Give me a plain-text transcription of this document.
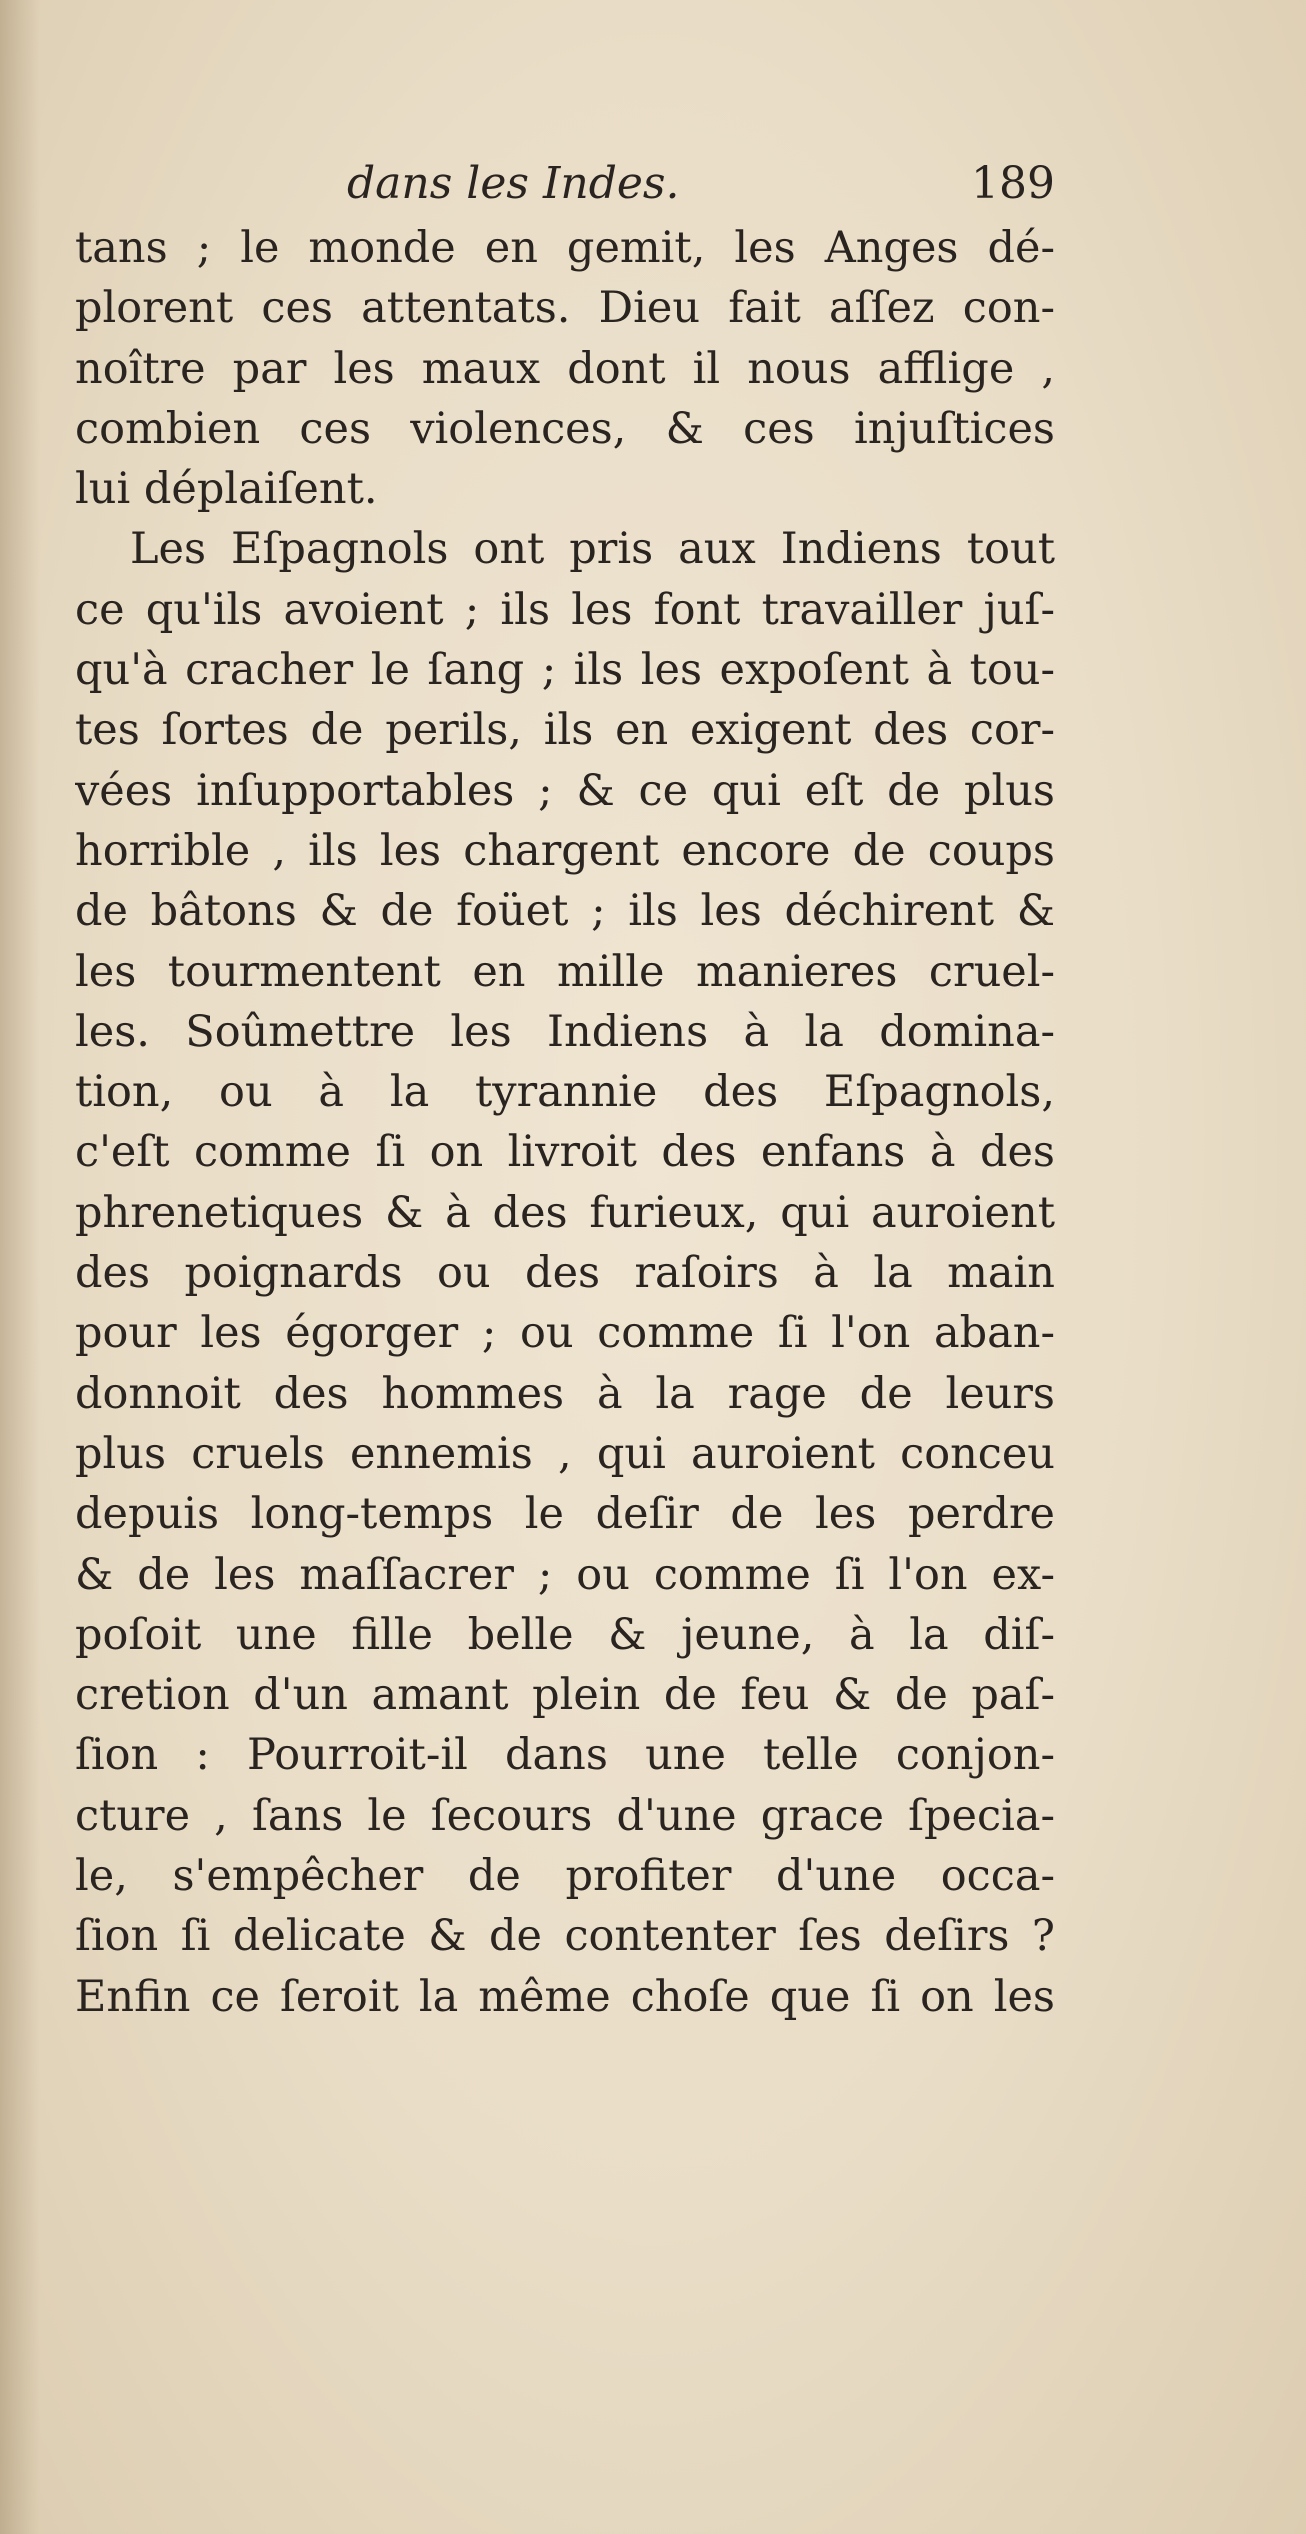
dans les Indes.	189
tans ; le monde en gemit, les Anges dé-
plorent ces attentats. Dieu fait aſſez con-
noître par les maux dont il nous afflige ,
combien ces violences, & ces injuſtices
lui déplaiſent.
Les Eſpagnols ont pris aux Indiens tout
ce qu'ils avoient ; ils les font travailler juſ-
qu'à cracher le ſang ; ils les expoſent à tou-
tes ſortes de perils, ils en exigent des cor-
vées inſupportables ; & ce qui eſt de plus
horrible , ils les chargent encore de coups
de bâtons & de foüet ; ils les déchirent &
les tourmentent en mille manieres cruel-
les. Soûmettre les Indiens à la domina-
tion, ou à la tyrannie des Eſpagnols,
c'eſt comme ſi on livroit des enfans à des
phrenetiques & à des furieux, qui auroient
des poignards ou des raſoirs à la main
pour les égorger ; ou comme ſi l'on aban-
donnoit des hommes à la rage de leurs
plus cruels ennemis , qui auroient conceu
depuis long-temps le deſir de les perdre
& de les maſſacrer ; ou comme ſi l'on ex-
poſoit une fille belle & jeune, à la diſ-
cretion d'un amant plein de feu & de paſ-
ſion : Pourroit-il dans une telle conjon-
cture , ſans le ſecours d'une grace ſpecia-
le, s'empêcher de profiter d'une occa-
ſion ſi delicate & de contenter ſes deſirs ?
Enfin ce ſeroit la même choſe que ſi on les
